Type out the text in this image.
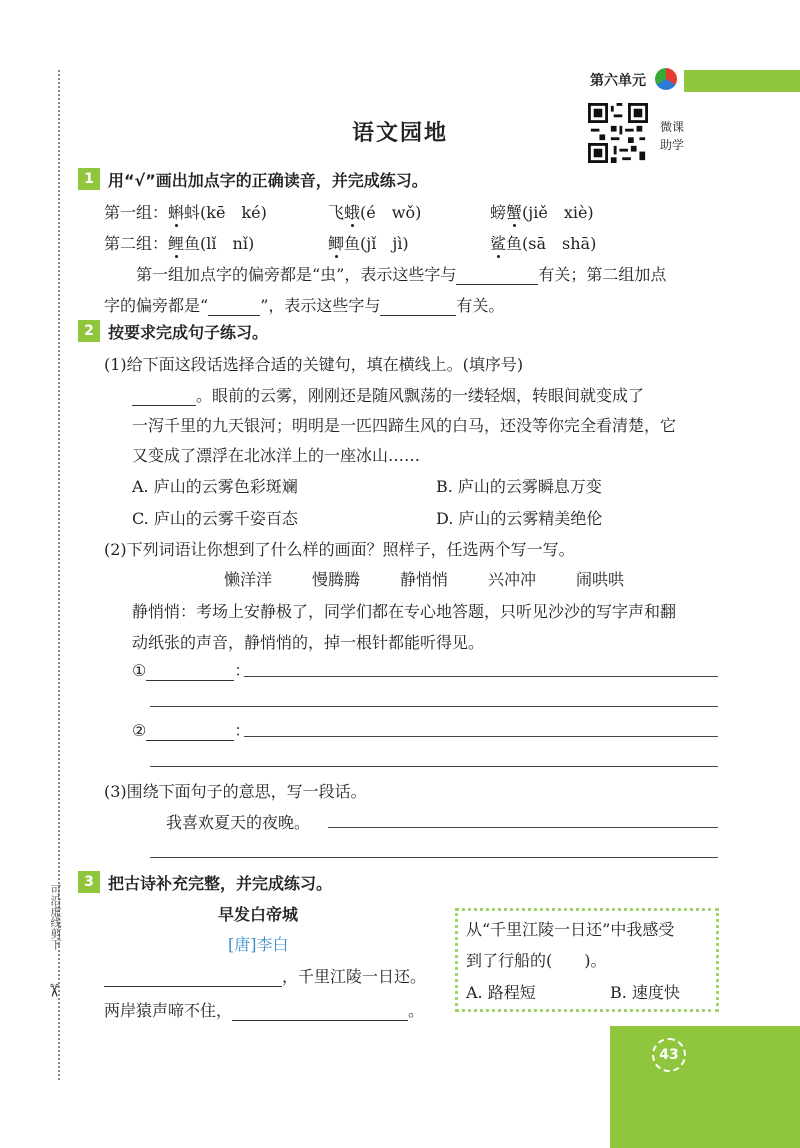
可沿虚线剪下
✂
第六单元
语文园地	微课助学
1 用“√”画出加点字的正确读音，并完成练习。
第一组：蝌蚪(kē　ké)	飞蛾(é　wǒ)	螃蟹(jiě　xiè)
第二组：鲤鱼(lǐ　nǐ)	鲫鱼(jǐ　jì)	鲨鱼(sā　shā)
第一组加点字的偏旁都是“虫”，表示这些字与	有关；第二组加点
字的偏旁都是“	”，表示这些字与	有关。
2 按要求完成句子练习。
(1)给下面这段话选择合适的关键句，填在横线上。(填序号)
。眼前的云雾，刚刚还是随风飘荡的一缕轻烟，转眼间就变成了
一泻千里的九天银河；明明是一匹四蹄生风的白马，还没等你完全看清楚，它
又变成了漂浮在北冰洋上的一座冰山……
A. 庐山的云雾色彩斑斓	B. 庐山的云雾瞬息万变
C. 庐山的云雾千姿百态	D. 庐山的云雾精美绝伦
(2)下列词语让你想到了什么样的画面？照样子，任选两个写一写。
懒洋洋 慢腾腾 静悄悄 兴冲冲 闹哄哄
静悄悄：考场上安静极了，同学们都在专心地答题，只听见沙沙的写字声和翻
动纸张的声音，静悄悄的，掉一根针都能听得见。
①	：
②	：
(3)围绕下面句子的意思，写一段话。
我喜欢夏天的夜晚。
3 把古诗补充完整，并完成练习。
早发白帝城
[唐]李白
，千里江陵一日还。
两岸猿声啼不住，	。
从“千里江陵一日还”中我感受
到了行船的(　　)。
A. 路程短	B. 速度快
43
